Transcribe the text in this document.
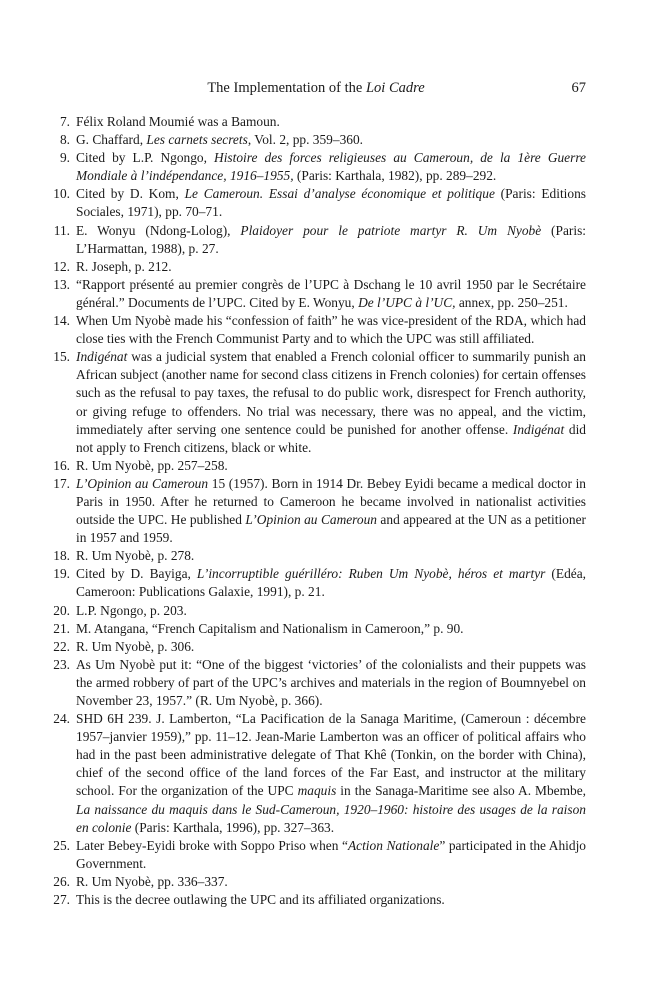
The Implementation of the Loi Cadre	67
7. Félix Roland Moumié was a Bamoun.
8. G. Chaffard, Les carnets secrets, Vol. 2, pp. 359–360.
9. Cited by L.P. Ngongo, Histoire des forces religieuses au Cameroun, de la 1ère Guerre Mondiale à l’indépendance, 1916–1955, (Paris: Karthala, 1982), pp. 289–292.
10. Cited by D. Kom, Le Cameroun. Essai d’analyse économique et politique (Paris: Editions Sociales, 1971), pp. 70–71.
11. E. Wonyu (Ndong-Lolog), Plaidoyer pour le patriote martyr R. Um Nyobè (Paris: L’Harmattan, 1988), p. 27.
12. R. Joseph, p. 212.
13. “Rapport présenté au premier congrès de l’UPC à Dschang le 10 avril 1950 par le Secrétaire général.” Documents de l’UPC. Cited by E. Wonyu, De l’UPC à l’UC, annex, pp. 250–251.
14. When Um Nyobè made his “confession of faith” he was vice-president of the RDA, which had close ties with the French Communist Party and to which the UPC was still affiliated.
15. Indigénat was a judicial system that enabled a French colonial officer to summarily punish an African subject (another name for second class citizens in French colonies) for certain offenses such as the refusal to pay taxes, the refusal to do public work, disrespect for French authority, or giving refuge to offenders. No trial was necessary, there was no appeal, and the victim, immediately after serving one sentence could be punished for another offense. Indigénat did not apply to French citizens, black or white.
16. R. Um Nyobè, pp. 257–258.
17. L’Opinion au Cameroun 15 (1957). Born in 1914 Dr. Bebey Eyidi became a medical doctor in Paris in 1950. After he returned to Cameroon he became involved in nationalist activities outside the UPC. He published L’Opinion au Cameroun and appeared at the UN as a petitioner in 1957 and 1959.
18. R. Um Nyobè, p. 278.
19. Cited by D. Bayiga, L’incorruptible guérilléro: Ruben Um Nyobè, héros et martyr (Edéa, Cameroon: Publications Galaxie, 1991), p. 21.
20. L.P. Ngongo, p. 203.
21. M. Atangana, “French Capitalism and Nationalism in Cameroon,” p. 90.
22. R. Um Nyobè, p. 306.
23. As Um Nyobè put it: “One of the biggest ‘victories’ of the colonialists and their puppets was the armed robbery of part of the UPC’s archives and materials in the region of Boumnyebel on November 23, 1957.” (R. Um Nyobè, p. 366).
24. SHD 6H 239. J. Lamberton, “La Pacification de la Sanaga Maritime, (Cameroun : décembre 1957–janvier 1959),” pp. 11–12. Jean-Marie Lamberton was an officer of political affairs who had in the past been administrative delegate of That Khê (Tonkin, on the border with China), chief of the second office of the land forces of the Far East, and instructor at the military school. For the organization of the UPC maquis in the Sanaga-Maritime see also A. Mbembe, La naissance du maquis dans le Sud-Cameroun, 1920–1960: histoire des usages de la raison en colonie (Paris: Karthala, 1996), pp. 327–363.
25. Later Bebey-Eyidi broke with Soppo Priso when “Action Nationale” participated in the Ahidjo Government.
26. R. Um Nyobè, pp. 336–337.
27. This is the decree outlawing the UPC and its affiliated organizations.
